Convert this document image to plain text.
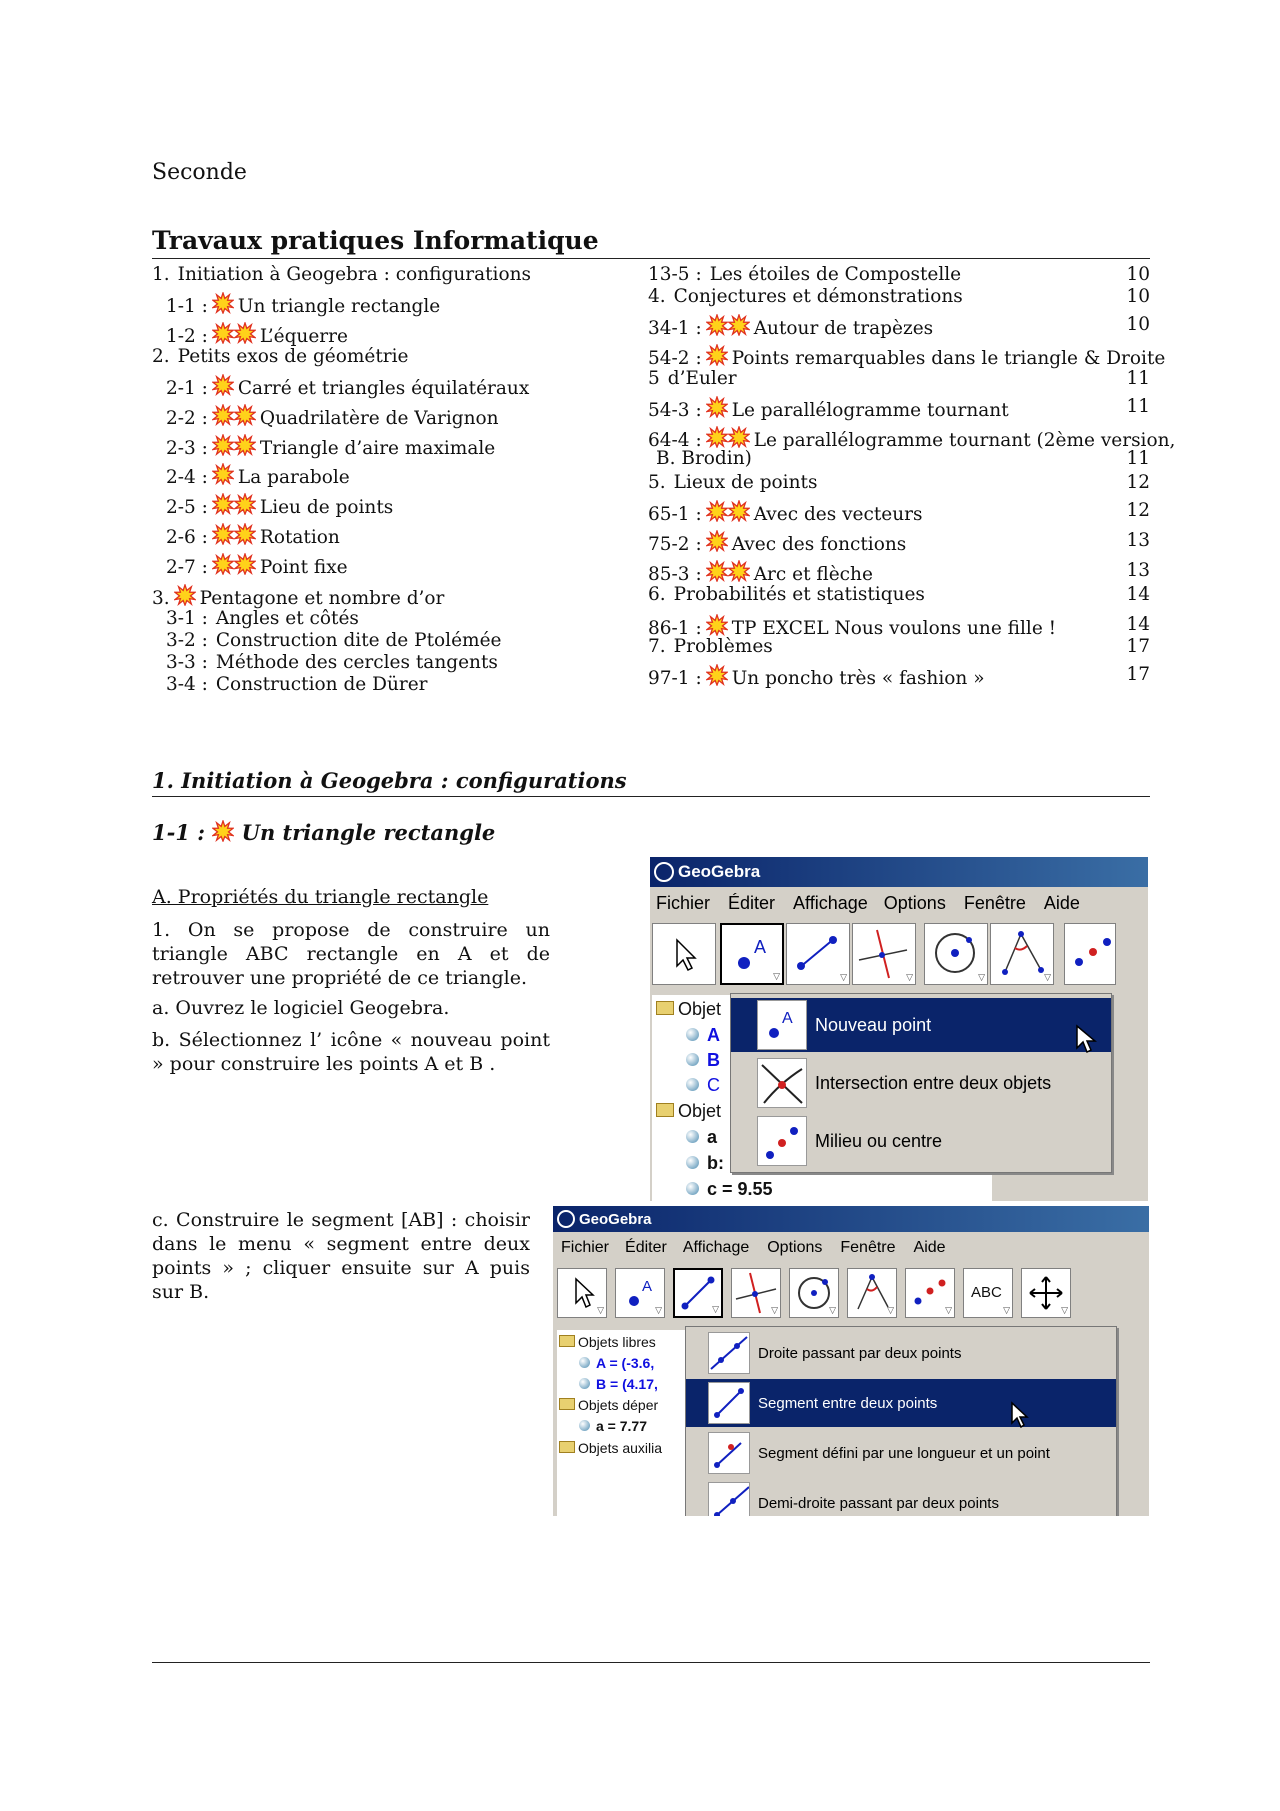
Seconde
Travaux pratiques Informatique
1. Initiation à Geogebra : configurations
1-1 : Un triangle rectangle
1-2 :	L’équerre
2. Petits exos de géométrie
2-1 : Carré et triangles équilatéraux
2-2 :	Quadrilatère de Varignon
2-3 :	Triangle d’aire maximale
2-4 : La parabole
2-5 :	Lieu de points
2-6 :	Rotation
2-7 :	Point fixe
3. Pentagone et nombre d’or
3-1 : Angles et côtés
3-2 : Construction dite de Ptolémée
3-3 : Méthode des cercles tangents
3-4 : Construction de Dürer
13-5 : Les étoiles de Compostelle	10
4. Conjectures et démonstrations	10
34-1 :	Autour de trapèzes	10
54-2 : Points remarquables dans le triangle & Droite
5 d’Euler	11
54-3 : Le parallélogramme tournant	11
64-4 :	Le parallélogramme tournant (2ème version,
B. Brodin)	11
5. Lieux de points	12
65-1 :	Avec des vecteurs	12
75-2 : Avec des fonctions	13
85-3 :	Arc et flèche	13
6. Probabilités et statistiques	14
86-1 : TP EXCEL Nous voulons une fille !	14
7. Problèmes	17
97-1 : Un poncho très « fashion »	17
1. Initiation à Geogebra : configurations
1-1 : Un triangle rectangle
A. Propriétés du triangle rectangle
1. On se propose de construire un triangle ABC rectangle en A et de retrouver une propriété de ce triangle.
a. Ouvrez le logiciel Geogebra.
b. Sélectionnez l’ icône « nouveau point » pour construire les points A et B .
c. Construire le segment [AB] : choisir dans le menu « segment entre deux points » ; cliquer ensuite sur A puis sur B.
GeoGebra
Fichier Éditer Affichage Options Fenêtre Aide
A
▽	▽	▽	▽	▽
Objet
A
B
C
Objet
a
b:
c = 9.55
A Nouveau point
Intersection entre deux objets
Milieu ou centre
GeoGebra
Fichier Éditer Affichage Options Fenêtre Aide
▽
A
▽	▽	▽	▽	▽	▽
ABC
▽	▽
Objets libres
A = (-3.6,
B = (4.17,
Objets déper
a = 7.77
Objets auxilia
Droite passant par deux points
Segment entre deux points
Segment défini par une longueur et un point
Demi-droite passant par deux points
